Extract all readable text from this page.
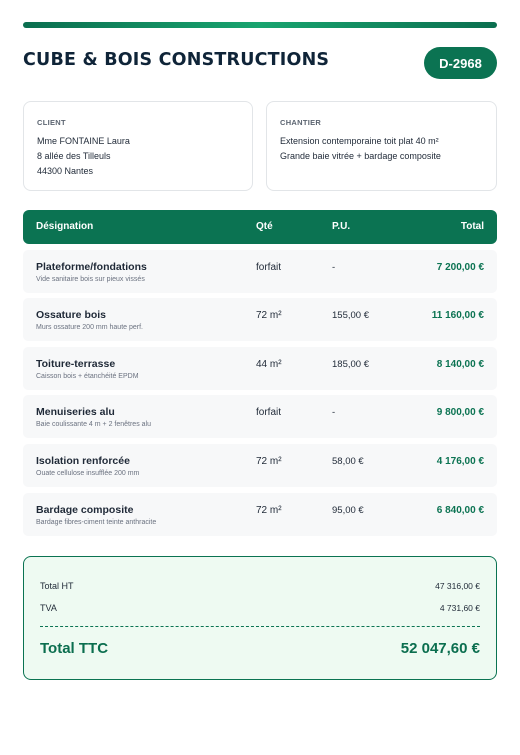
CUBE & BOIS CONSTRUCTIONS	D-2968
CLIENT
Mme FONTAINE Laura
8 allée des Tilleuls
44300 Nantes
CHANTIER
Extension contemporaine toit plat 40 m²
Grande baie vitrée + bardage composite
Désignation	Qté	P.U.	Total
Plateforme/fondations
Vide sanitaire bois sur pieux vissés
forfait	-	7 200,00 €
Ossature bois
Murs ossature 200 mm haute perf.
72 m²	155,00 €	11 160,00 €
Toiture-terrasse
Caisson bois + étanchéité EPDM
44 m²	185,00 €	8 140,00 €
Menuiseries alu
Baie coulissante 4 m + 2 fenêtres alu
forfait	-	9 800,00 €
Isolation renforcée
Ouate cellulose insufflée 200 mm
72 m²	58,00 €	4 176,00 €
Bardage composite
Bardage fibres-ciment teinte anthracite
72 m²	95,00 €	6 840,00 €
Total HT	47 316,00 €
TVA	4 731,60 €
Total TTC	52 047,60 €
